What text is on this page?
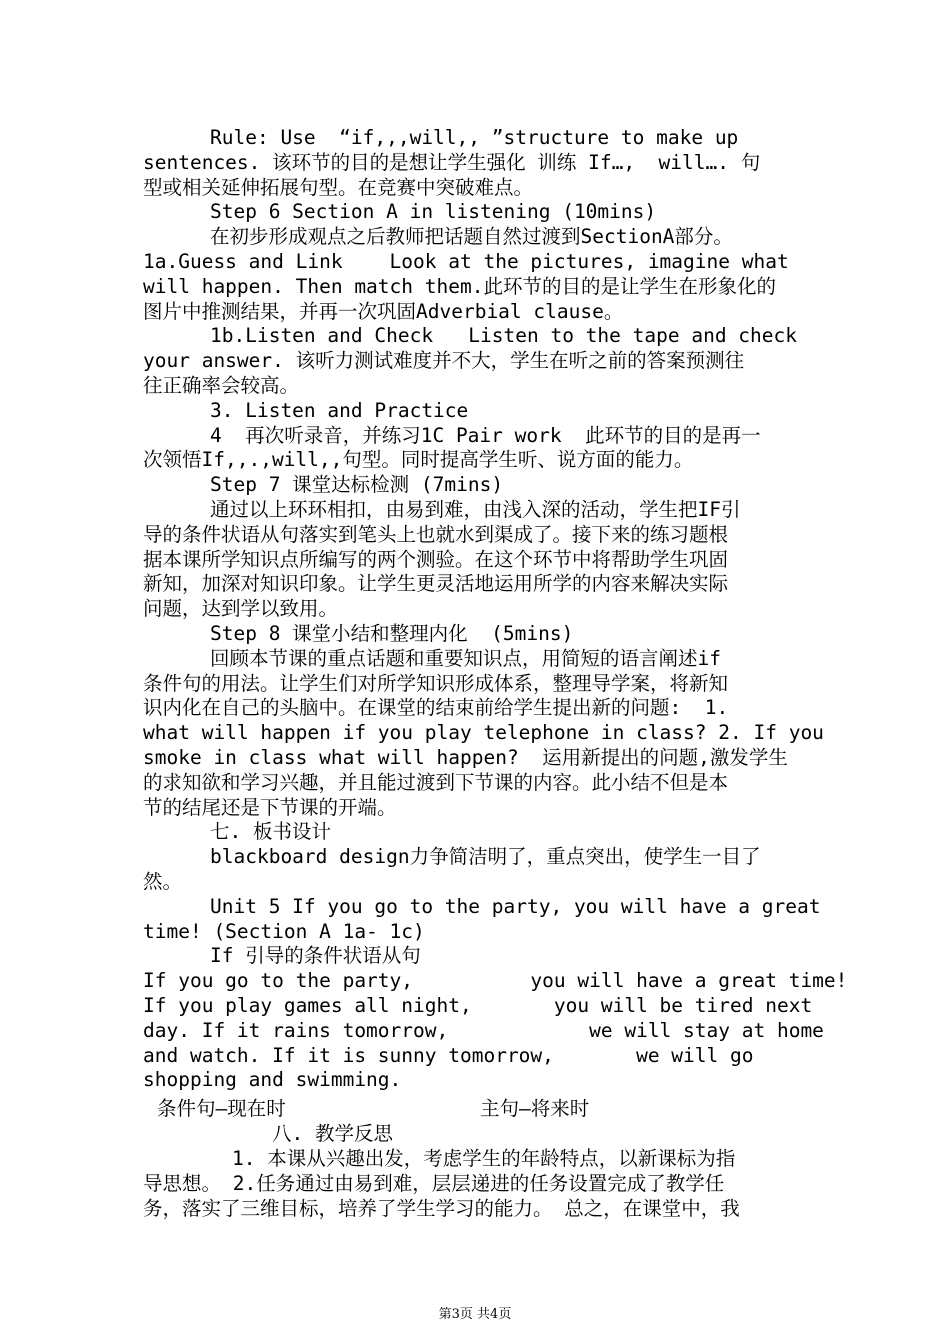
Rule: Use  “if,,,will,, ”structure to make up
sentences. 该环节的目的是想让学生强化 训练 If…,  will…. 句
型或相关延伸拓展句型。在竞赛中突破难点。
Step 6 Section A in listening (10mins)
在初步形成观点之后教师把话题自然过渡到SectionA部分。
1a.Guess and Link    Look at the pictures, imagine what
will happen. Then match them.此环节的目的是让学生在形象化的
图片中推测结果，并再一次巩固Adverbial clause。
1b.Listen and Check   Listen to the tape and check
your answer. 该听力测试难度并不大，学生在听之前的答案预测往
往正确率会较高。
3. Listen and Practice
4  再次听录音，并练习1C Pair work  此环节的目的是再一
次领悟If,,.,will,,句型。同时提高学生听、说方面的能力。
Step 7 课堂达标检测 (7mins)
通过以上环环相扣，由易到难，由浅入深的活动，学生把IF引
导的条件状语从句落实到笔头上也就水到渠成了。接下来的练习题根
据本课所学知识点所编写的两个测验。在这个环节中将帮助学生巩固
新知，加深对知识印象。让学生更灵活地运用所学的内容来解决实际
问题，达到学以致用。
Step 8 课堂小结和整理内化  (5mins)
回顾本节课的重点话题和重要知识点，用简短的语言阐述if
条件句的用法。让学生们对所学知识形成体系，整理导学案，将新知
识内化在自己的头脑中。在课堂的结束前给学生提出新的问题:  1.
what will happen if you play telephone in class? 2. If you
smoke in class what will happen?  运用新提出的问题,激发学生
的求知欲和学习兴趣，并且能过渡到下节课的内容。此小结不但是本
节的结尾还是下节课的开端。
七. 板书设计
blackboard design力争简洁明了，重点突出，使学生一目了
然。
Unit 5 If you go to the party, you will have a great
time! (Section A 1a- 1c)
If 引导的条件状语从句
If you go to the party,          you will have a great time!
If you play games all night,       you will be tired next
day. If it rains tomorrow,            we will stay at home
and watch. If it is sunny tomorrow,       we will go
shopping and swimming.
条件句—现在时	主句—将来时
八. 教学反思
1. 本课从兴趣出发，考虑学生的年龄特点，以新课标为指
导思想。 2.任务通过由易到难，层层递进的任务设置完成了教学任
务，落实了三维目标，培养了学生学习的能力。 总之，在课堂中，我
第3页 共4页
